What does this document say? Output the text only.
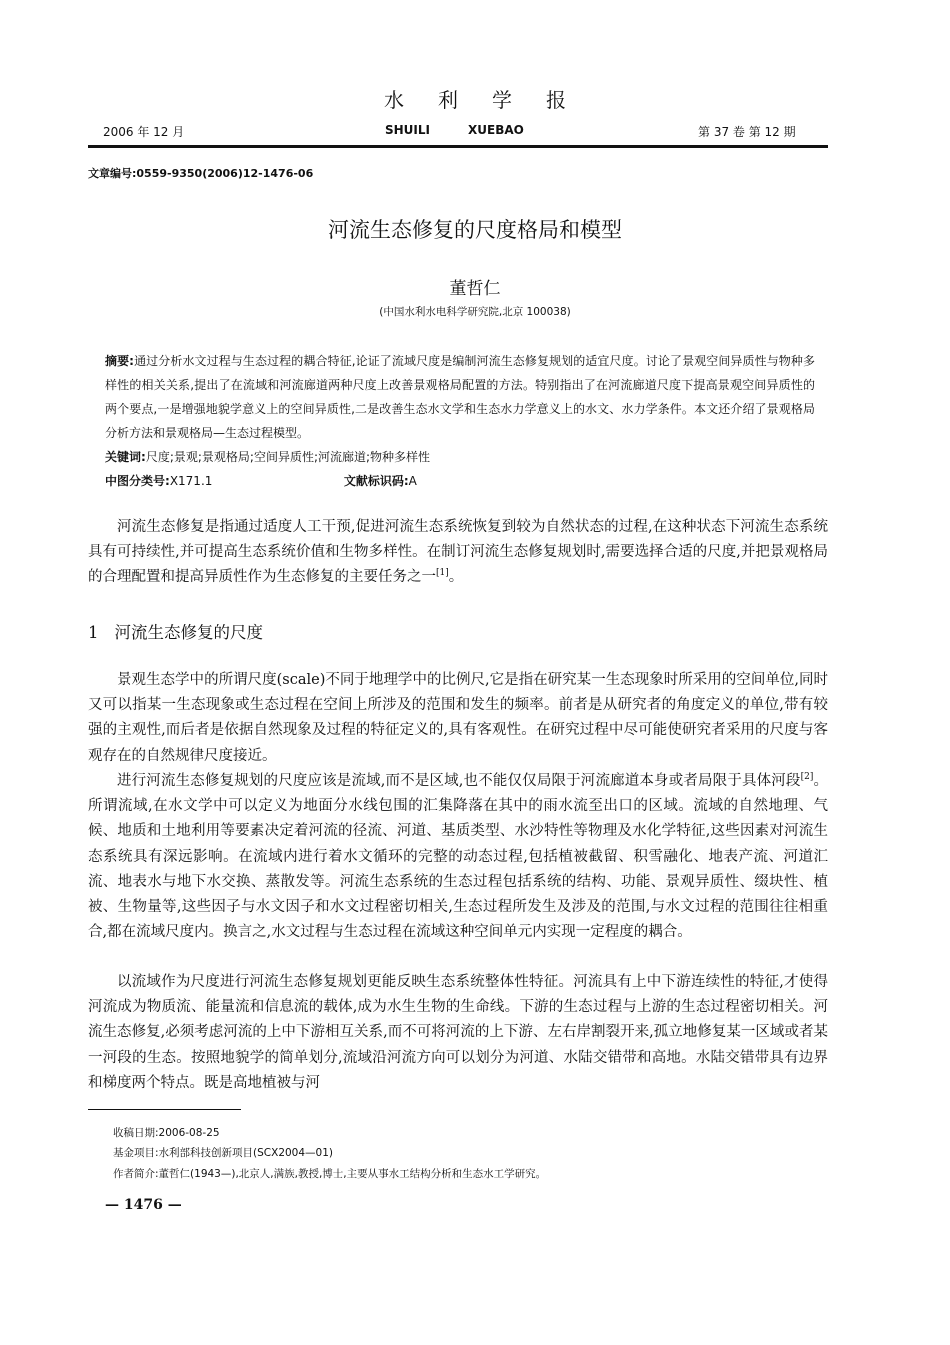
水利学报
2006 年 12 月	SHUILI	XUEBAO	第 37 卷 第 12 期
文章编号:0559-9350(2006)12-1476-06
河流生态修复的尺度格局和模型
董哲仁
(中国水利水电科学研究院,北京 100038)
摘要:通过分析水文过程与生态过程的耦合特征,论证了流域尺度是编制河流生态修复规划的适宜尺度。讨论了景观空间异质性与物种多样性的相关关系,提出了在流域和河流廊道两种尺度上改善景观格局配置的方法。特别指出了在河流廊道尺度下提高景观空间异质性的两个要点,一是增强地貌学意义上的空间异质性,二是改善生态水文学和生态水力学意义上的水文、水力学条件。本文还介绍了景观格局分析方法和景观格局—生态过程模型。
关键词:尺度;景观;景观格局;空间异质性;河流廊道;物种多样性
中图分类号:X171.1	文献标识码:A
河流生态修复是指通过适度人工干预,促进河流生态系统恢复到较为自然状态的过程,在这种状态下河流生态系统具有可持续性,并可提高生态系统价值和生物多样性。在制订河流生态修复规划时,需要选择合适的尺度,并把景观格局的合理配置和提高异质性作为生态修复的主要任务之一[1]。
1 河流生态修复的尺度
景观生态学中的所谓尺度(scale)不同于地理学中的比例尺,它是指在研究某一生态现象时所采用的空间单位,同时又可以指某一生态现象或生态过程在空间上所涉及的范围和发生的频率。前者是从研究者的角度定义的单位,带有较强的主观性,而后者是依据自然现象及过程的特征定义的,具有客观性。在研究过程中尽可能使研究者采用的尺度与客观存在的自然规律尺度接近。
进行河流生态修复规划的尺度应该是流域,而不是区域,也不能仅仅局限于河流廊道本身或者局限于具体河段[2]。所谓流域,在水文学中可以定义为地面分水线包围的汇集降落在其中的雨水流至出口的区域。流域的自然地理、气候、地质和土地利用等要素决定着河流的径流、河道、基质类型、水沙特性等物理及水化学特征,这些因素对河流生态系统具有深远影响。在流域内进行着水文循环的完整的动态过程,包括植被截留、积雪融化、地表产流、河道汇流、地表水与地下水交换、蒸散发等。河流生态系统的生态过程包括系统的结构、功能、景观异质性、缀块性、植被、生物量等,这些因子与水文因子和水文过程密切相关,生态过程所发生及涉及的范围,与水文过程的范围往往相重合,都在流域尺度内。换言之,水文过程与生态过程在流域这种空间单元内实现一定程度的耦合。
以流域作为尺度进行河流生态修复规划更能反映生态系统整体性特征。河流具有上中下游连续性的特征,才使得河流成为物质流、能量流和信息流的载体,成为水生生物的生命线。下游的生态过程与上游的生态过程密切相关。河流生态修复,必须考虑河流的上中下游相互关系,而不可将河流的上下游、左右岸割裂开来,孤立地修复某一区域或者某一河段的生态。按照地貌学的简单划分,流域沿河流方向可以划分为河道、水陆交错带和高地。水陆交错带具有边界和梯度两个特点。既是高地植被与河
收稿日期:2006-08-25
基金项目:水利部科技创新项目(SCX2004—01)
作者简介:董哲仁(1943—),北京人,满族,教授,博士,主要从事水工结构分析和生态水工学研究。
— 1476 —
